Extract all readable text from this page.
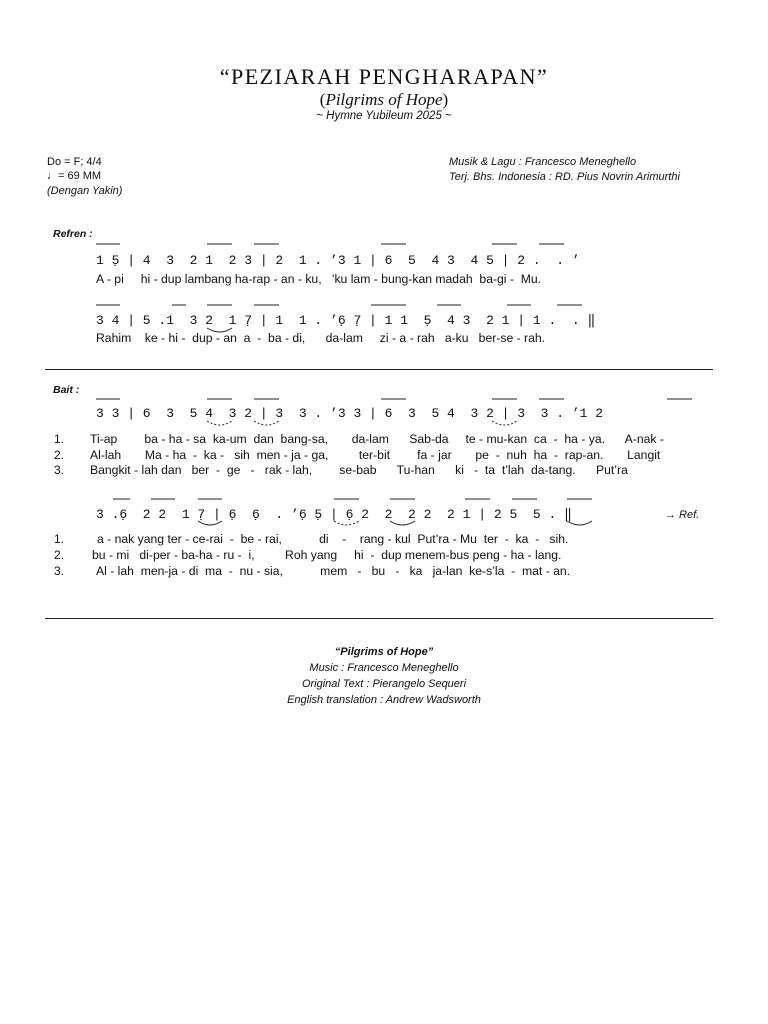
“PEZIARAH PENGHARAPAN”
(Pilgrims of Hope)
~ Hymne Yubileum 2025 ~
Do = F; 4/4
♩= 69 MM
(Dengan Yakin)
Musik & Lagu : Francesco Meneghello
Terj. Bhs. Indonesia : RD. Pius Novrin Arimurthi
Refren :
1 5̣ | 4  3  2 1  2 3 | 2  1 . ’3 1 | 6  5  4 3  4 5 | 2 .  . ’
A - pi     hi - dup lambang ha-rap - an - ku,   ’ku lam - bung-kan madah  ba-gi -  Mu.
3 4 | 5 .1  3 2  1 7̣ | 1  1 . ’6̣ 7̣ | 1 1  5̣  4 3  2 1 | 1 .  . ‖
Rahim    ke - hi -  dup - an  a  -  ba - di,      da-lam     zi - a - rah   a-ku   ber-se - rah.
Bait :
3 3 | 6  3  5 4  3 2 | 3  3 . ’3 3 | 6  3  5 4  3 2 | 3  3 . ’1 2
1.
2.
3.
Ti-ap        ba - ha - sa  ka-um  dan  bang-sa,       da-lam      Sab-da     te - mu-kan  ca  -  ha - ya.      A-nak -
Al-lah       Ma - ha  -  ka -   sih  men - ja - ga,         ter-bit        fa - jar       pe  -  nuh  ha  -  rap-an.       Langit
Bangkit - lah dan   ber  -  ge   -   rak - lah,        se-bab      Tu-han      ki   -  ta  t’lah  da-tang.      Put’ra
3 .6̣  2 2  1 7̣ | 6̣  6̣  . ’6̣ 5̣ | 6̣ 2  2  2 2  2 1 | 2 5  5 . ‖	→ Ref.
1.
2.
3.
a - nak yang ter - ce-rai  -  be - rai,           di    -    rang - kul  Put’ra - Mu  ter  -  ka  -   sih.
bu - mi   di-per - ba-ha - ru -  i,         Roh yang     hi  -  dup menem-bus peng - ha - lang.
Al - lah  men-ja - di  ma  -  nu - sia,           mem   -   bu   -   ka   ja-lan  ke-s’la  -  mat - an.
“Pilgrims of Hope”
Music : Francesco Meneghello
Original Text : Pierangelo Sequeri
English translation : Andrew Wadsworth
